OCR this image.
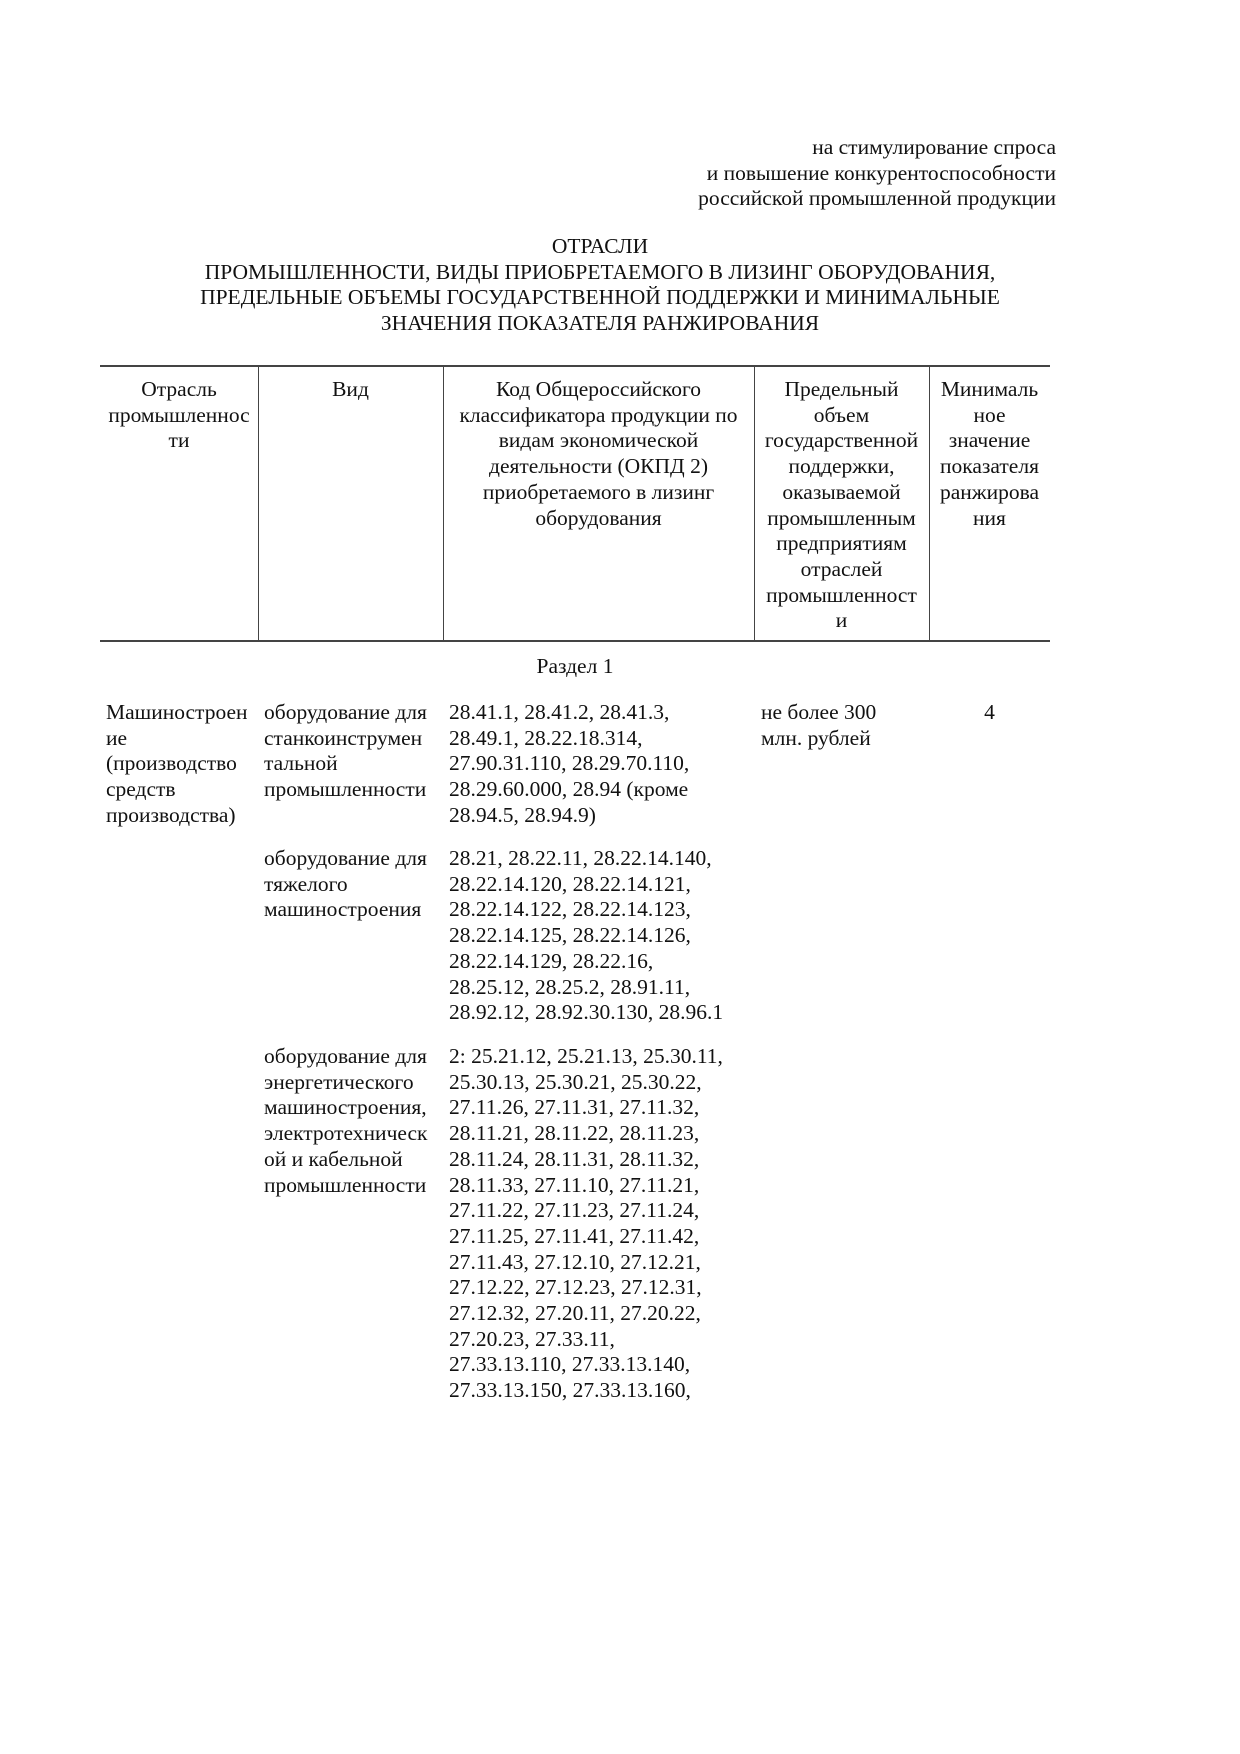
на стимулирование спроса
и повышение конкурентоспособности
российской промышленной продукции
ОТРАСЛИ
ПРОМЫШЛЕННОСТИ, ВИДЫ ПРИОБРЕТАЕМОГО В ЛИЗИНГ ОБОРУДОВАНИЯ,
ПРЕДЕЛЬНЫЕ ОБЪЕМЫ ГОСУДАРСТВЕННОЙ ПОДДЕРЖКИ И МИНИМАЛЬНЫЕ
ЗНАЧЕНИЯ ПОКАЗАТЕЛЯ РАНЖИРОВАНИЯ
Отрасль
промышленнос
ти
Вид	Код Общероссийского
классификатора продукции по
видам экономической
деятельности (ОКПД 2)
приобретаемого в лизинг
оборудования
Предельный
объем
государственной
поддержки,
оказываемой
промышленным
предприятиям
отраслей
промышленност
и
Минималь
ное
значение
показателя
ранжирова
ния
Раздел 1
Машиностроен
ие
(производство
средств
производства)
не более 300
млн. рублей
4
оборудование для
станкоинструмен
тальной
промышленности
28.41.1, 28.41.2, 28.41.3,
28.49.1, 28.22.18.314,
27.90.31.110, 28.29.70.110,
28.29.60.000, 28.94 (кроме
28.94.5, 28.94.9)
оборудование для
тяжелого
машиностроения
28.21, 28.22.11, 28.22.14.140,
28.22.14.120, 28.22.14.121,
28.22.14.122, 28.22.14.123,
28.22.14.125, 28.22.14.126,
28.22.14.129, 28.22.16,
28.25.12, 28.25.2, 28.91.11,
28.92.12, 28.92.30.130, 28.96.1
оборудование для
энергетического
машиностроения,
электротехническ
ой и кабельной
промышленности
2: 25.21.12, 25.21.13, 25.30.11,
25.30.13, 25.30.21, 25.30.22,
27.11.26, 27.11.31, 27.11.32,
28.11.21, 28.11.22, 28.11.23,
28.11.24, 28.11.31, 28.11.32,
28.11.33, 27.11.10, 27.11.21,
27.11.22, 27.11.23, 27.11.24,
27.11.25, 27.11.41, 27.11.42,
27.11.43, 27.12.10, 27.12.21,
27.12.22, 27.12.23, 27.12.31,
27.12.32, 27.20.11, 27.20.22,
27.20.23, 27.33.11,
27.33.13.110, 27.33.13.140,
27.33.13.150, 27.33.13.160,
